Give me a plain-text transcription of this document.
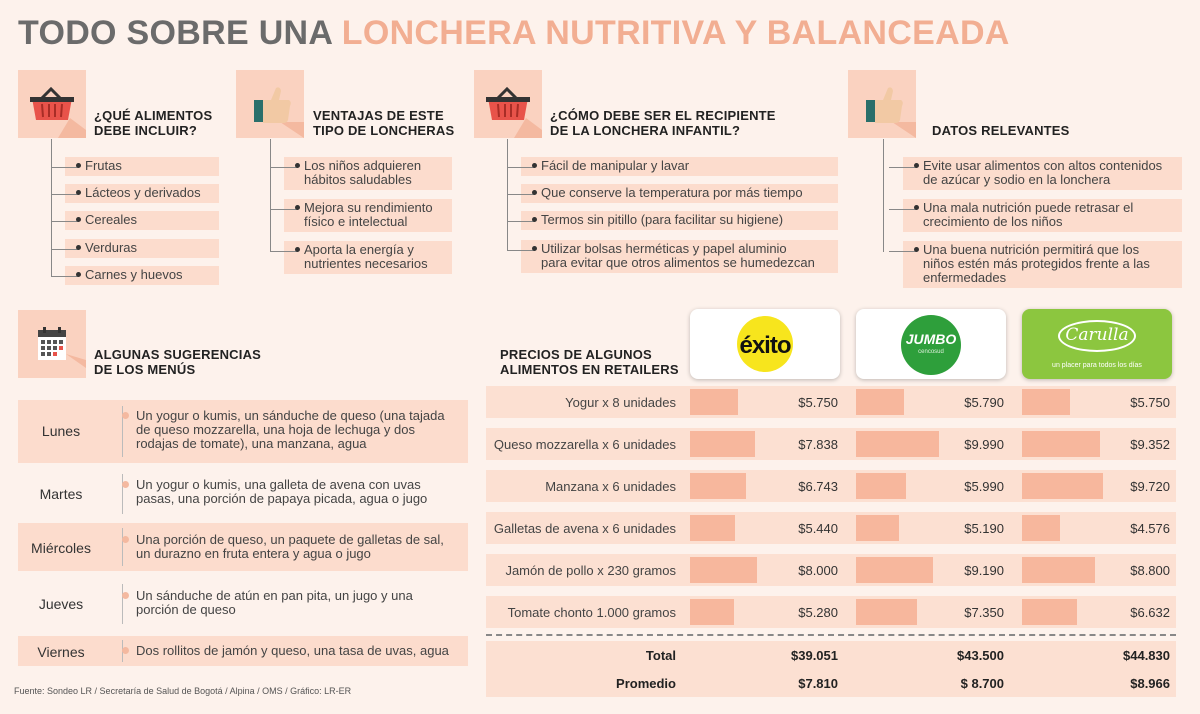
TODO SOBRE UNA LONCHERA NUTRITIVA Y BALANCEADA
¿QUÉ ALIMENTOS
DEBE INCLUIR?
VENTAJAS DE ESTE
TIPO DE LONCHERAS
¿CÓMO DEBE SER EL RECIPIENTE
DE LA LONCHERA INFANTIL?	DATOS RELEVANTES
Frutas
Lácteos y derivados
Cereales
Verduras
Carnes y huevos
Los niños adquieren
hábitos saludables
Mejora su rendimiento
físico e intelectual
Aporta la energía y
nutrientes necesarios
Fácil de manipular y lavar
Que conserve la temperatura por más tiempo
Termos sin pitillo (para facilitar su higiene)
Utilizar bolsas herméticas y papel aluminio
para evitar que otros alimentos se humedezcan
Evite usar alimentos con altos contenidos
de azúcar y sodio en la lonchera
Una mala nutrición puede retrasar el
crecimiento de los niños
Una buena nutrición permitirá que los
niños estén más protegidos frente a las
enfermedades
ALGUNAS SUGERENCIAS
DE LOS MENÚS
Lunes
Un yogur o kumis, un sánduche de queso (una tajada
de queso mozzarella, una hoja de lechuga y dos
rodajas de tomate), una manzana, agua
Martes
Un yogur o kumis, una galleta de avena con uvas
pasas, una porción de papaya picada, agua o jugo
Miércoles
Una porción de queso, un paquete de galletas de sal,
un durazno en fruta entera y agua o jugo
Jueves
Un sánduche de atún en pan pita, un jugo y una
porción de queso
Viernes	Dos rollitos de jamón y queso, una tasa de uvas, agua
PRECIOS DE ALGUNOS
ALIMENTOS EN RETAILERS
éxito	JUMBO
cencosud
Carulla
un placer para todos los días
Yogur x 8 unidades	$5.750	$5.790	$5.750
Queso mozzarella x 6 unidades	$7.838	$9.990	$9.352
Manzana x 6 unidades	$6.743	$5.990	$9.720
Galletas de avena x 6 unidades	$5.440	$5.190	$4.576
Jamón de pollo x 230 gramos	$8.000	$9.190	$8.800
Tomate chonto 1.000 gramos	$5.280	$7.350	$6.632
Total	$39.051	$43.500	$44.830
Promedio	$7.810	$ 8.700	$8.966
Fuente: Sondeo LR / Secretaría de Salud de Bogotá / Alpina / OMS / Gráfico: LR-ER
